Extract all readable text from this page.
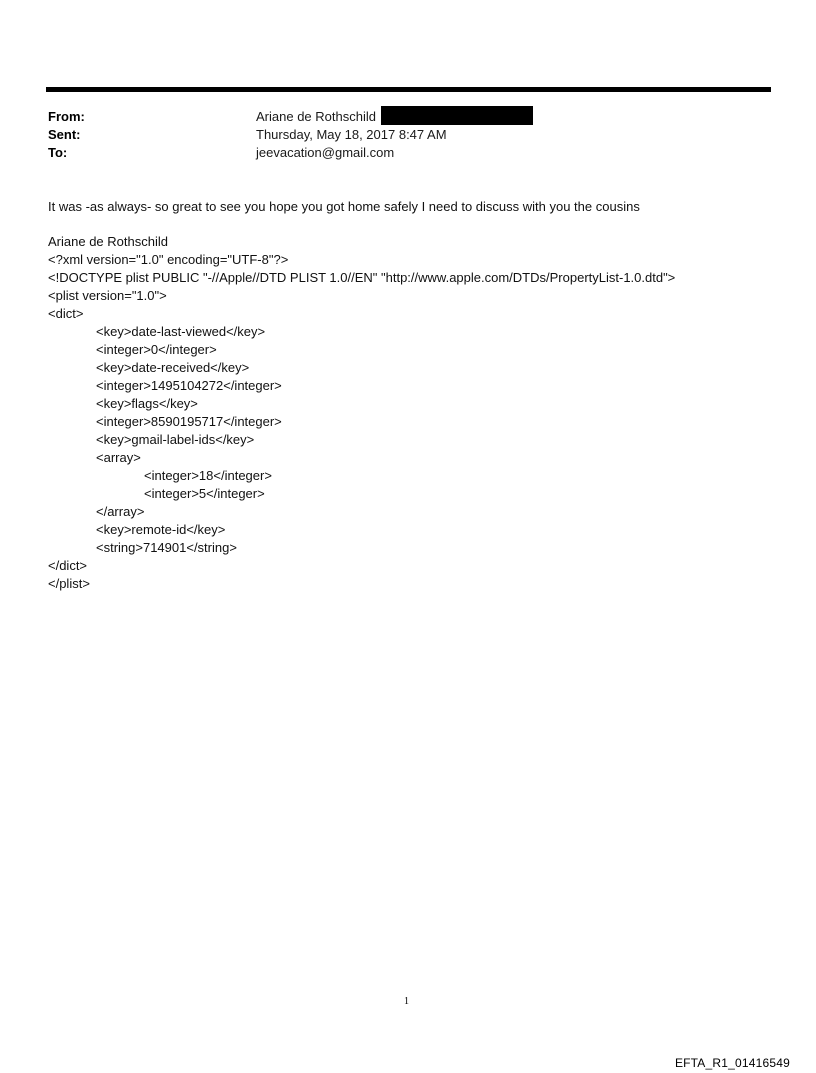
From:	Ariane de Rothschild
Sent:	Thursday, May 18, 2017 8:47 AM
To:	jeevacation@gmail.com
It was -as always- so great to see you hope you got home safely I need to discuss with you the cousins
Ariane de Rothschild
<?xml version="1.0" encoding="UTF-8"?>
<!DOCTYPE plist PUBLIC "-//Apple//DTD PLIST 1.0//EN" "http://www.apple.com/DTDs/PropertyList-1.0.dtd">
<plist version="1.0">
<dict>
<key>date-last-viewed</key>
<integer>0</integer>
<key>date-received</key>
<integer>1495104272</integer>
<key>flags</key>
<integer>8590195717</integer>
<key>gmail-label-ids</key>
<array>
<integer>18</integer>
<integer>5</integer>
</array>
<key>remote-id</key>
<string>714901</string>
</dict>
</plist>
1
EFTA_R1_01416549
